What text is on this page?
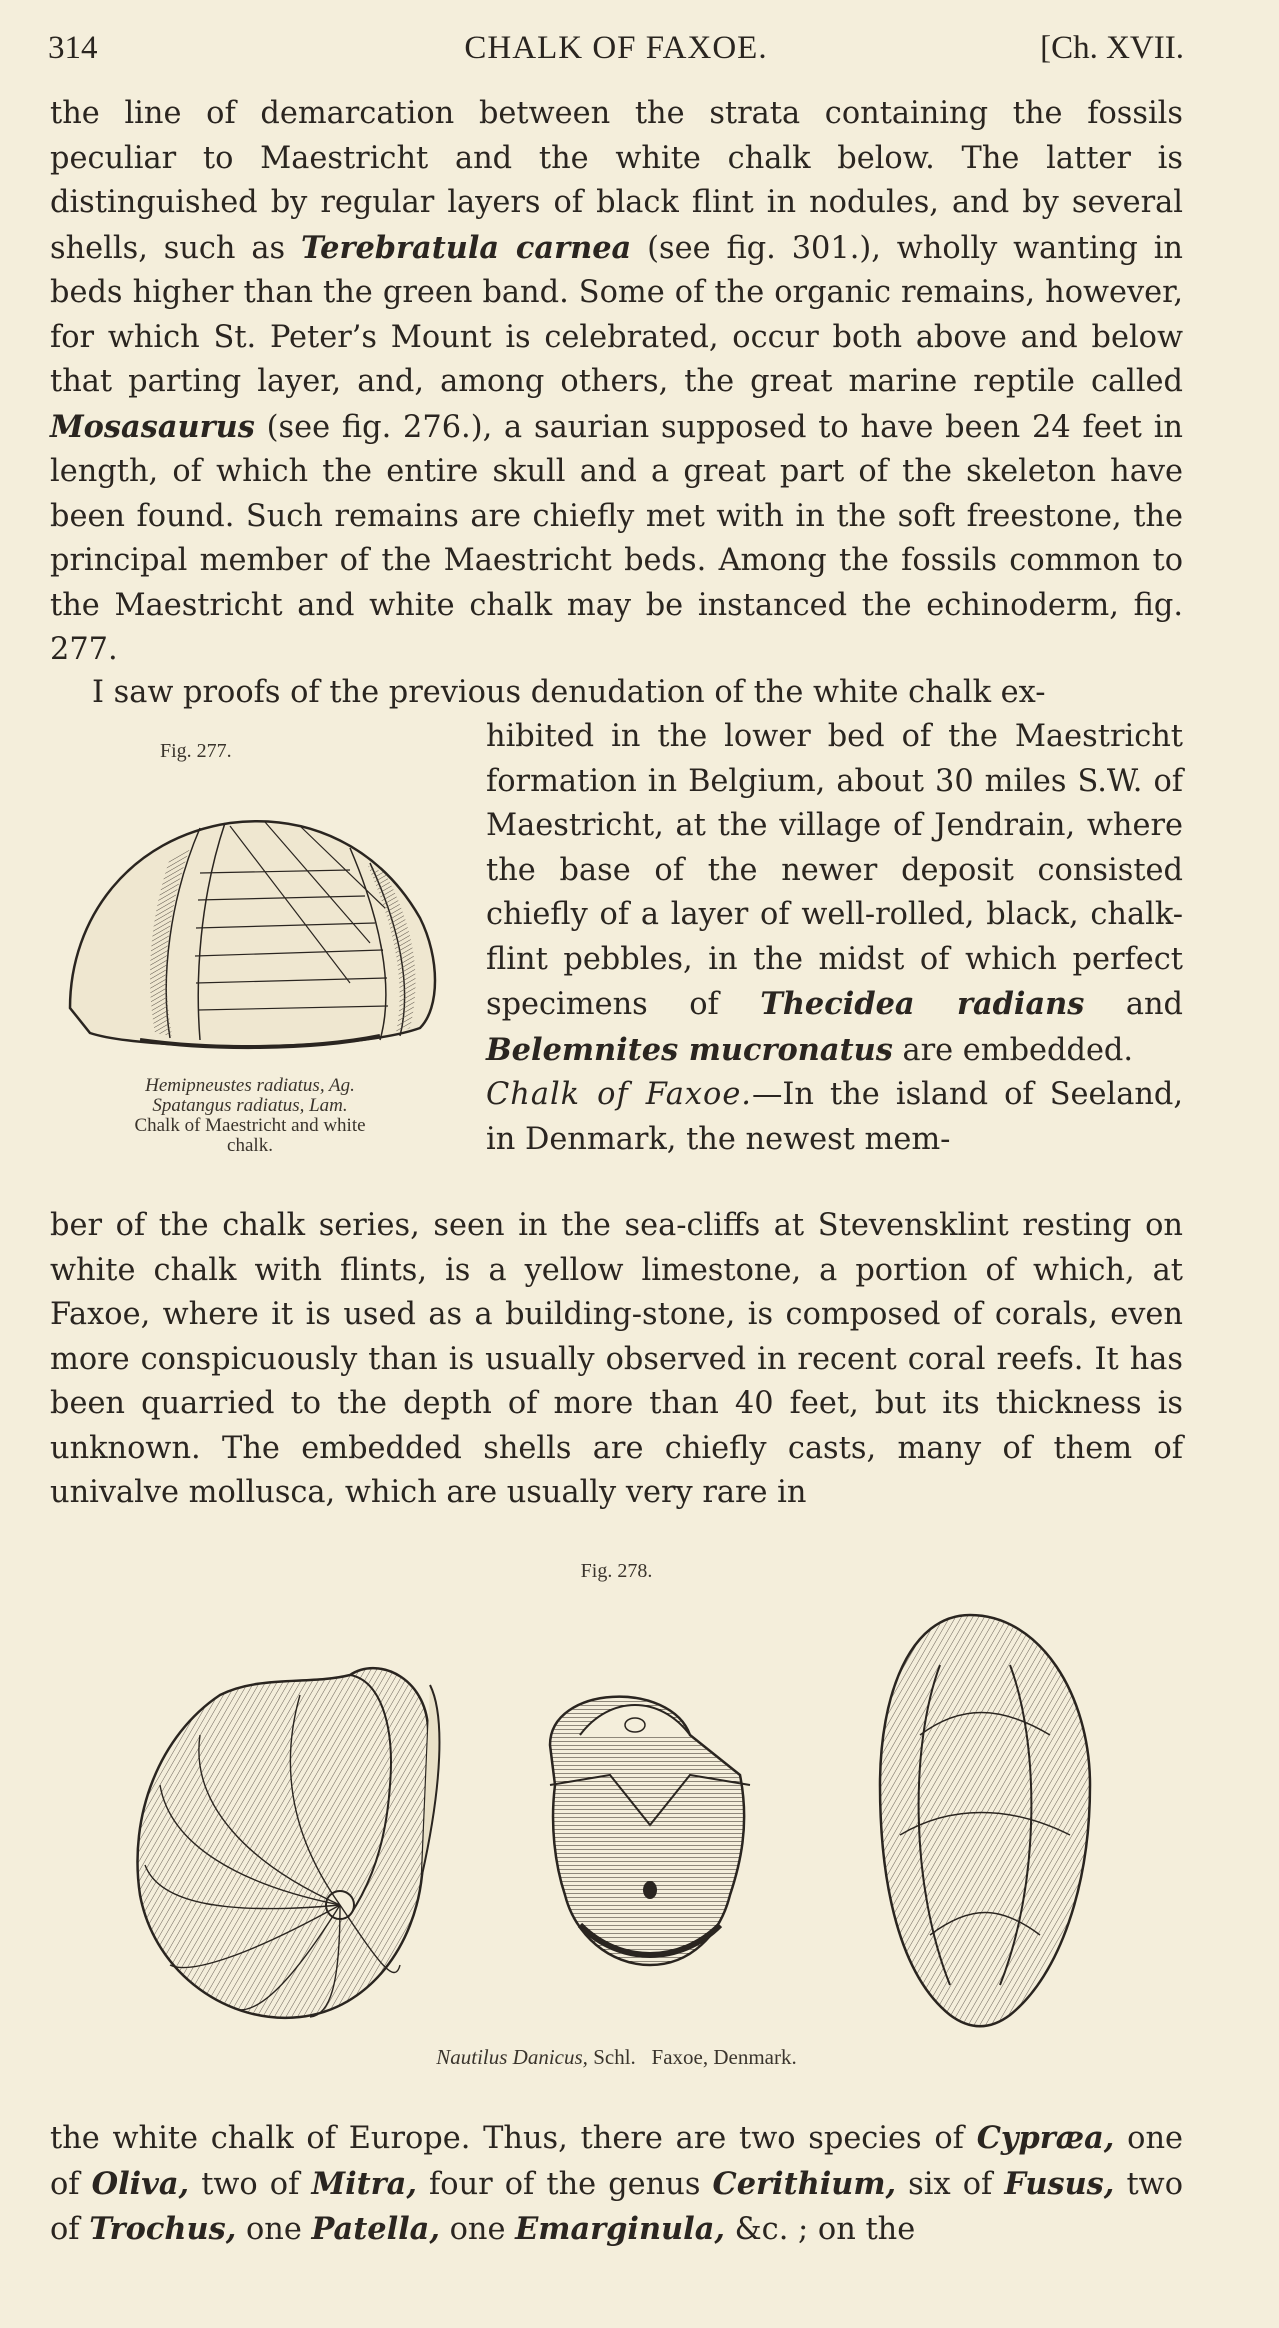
314	CHALK OF FAXOE.	[Ch. XVII.

the line of demarcation between the strata containing the fossils peculiar to Maestricht and the white chalk below. The latter is distinguished by regular layers of black flint in nodules, and by several shells, such as Terebratula carnea (see fig. 301.), wholly wanting in beds higher than the green band. Some of the organic remains, however, for which St. Peter’s Mount is celebrated, occur both above and below that parting layer, and, among others, the great marine reptile called Mosasaurus (see fig. 276.), a saurian supposed to have been 24 feet in length, of which the entire skull and a great part of the skeleton have been found. Such remains are chiefly met with in the soft freestone, the principal member of the Maestricht beds. Among the fossils common to the Maestricht and white chalk may be instanced the echinoderm, fig. 277.

I saw proofs of the previous denudation of the white chalk ex-

Fig. 277.
Hemipneustes radiatus, Ag.
Spatangus radiatus, Lam.
Chalk of Maestricht and white
chalk.

hibited in the lower bed of the Maestricht formation in Belgium, about 30 miles S.W. of Maestricht, at the village of Jendrain, where the base of the newer deposit consisted chiefly of a layer of well-rolled, black, chalk-flint pebbles, in the midst of which perfect specimens of Thecidea radians and Belemnites mucronatus are embedded.

Chalk of Faxoe.—In the island of Seeland, in Denmark, the newest mem-

ber of the chalk series, seen in the sea-cliffs at Stevensklint resting on white chalk with flints, is a yellow limestone, a portion of which, at Faxoe, where it is used as a building-stone, is composed of corals, even more conspicuously than is usually observed in recent coral reefs. It has been quarried to the depth of more than 40 feet, but its thickness is unknown. The embedded shells are chiefly casts, many of them of univalve mollusca, which are usually very rare in

Fig. 278.
Nautilus Danicus, Schl. Faxoe, Denmark.

the white chalk of Europe. Thus, there are two species of Cypræa, one of Oliva, two of Mitra, four of the genus Cerithium, six of Fusus, two of Trochus, one Patella, one Emarginula, &c. ; on the
